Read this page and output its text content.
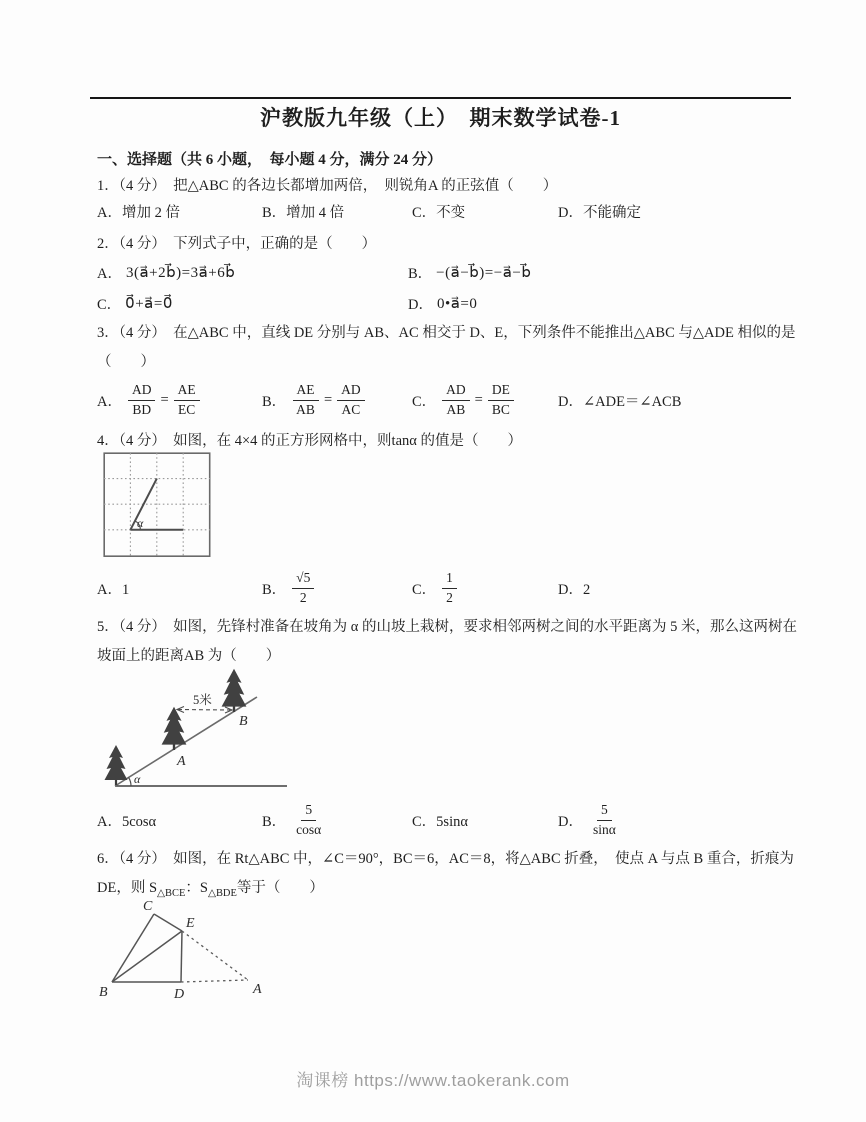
沪教版九年级（上）　期末数学试卷-1
一、选择题（共 6 小题，　每小题 4 分，满分 24 分）
1．（4 分）　把△ABC 的各边长都增加两倍，　则锐角A 的正弦值（　　）
A．增加 2 倍	B．增加 4 倍	C．不变	D．不能确定
2．（4 分）　下列式子中，正确的是（　　）
A． 3(a⃗+2b⃗)=3a⃗+6b⃗	B． −(a⃗−b⃗)=−a⃗−b⃗
C． 0⃗+a⃗=0⃗	D． 0•a⃗=0
3．（4 分）　在△ABC 中，直线 DE 分别与 AB、AC 相交于 D、E，下列条件不能推出△ABC 与△ADE 相似的是（　　）
A． $\frac{AD}{BD} = \frac{AE}{EC}$	B． $\frac{AE}{AB} = \frac{AD}{AC}$	C． $\frac{AD}{AB} = \frac{DE}{BC}$	D．∠ADE＝∠ACB
4．（4 分）　如图，在 4×4 的正方形网格中，则tanα 的值是（　　）
α
A．1	B． $\frac{√5}{2}$	C． $\frac{1}{2}$	D．2
5．（4 分）　如图，先锋村准备在坡角为 α 的山坡上栽树，要求相邻两树之间的水平距离为 5 米，那么这两树在坡面上的距离AB 为（　　）
5米
A
B
α
A．5cosα	B． $\frac{5}{\cos\alpha}$	C．5sinα	D． $\frac{5}{\sin\alpha}$
6．（4 分）　如图，在 Rt△ABC 中，∠C＝90°，BC＝6，AC＝8，将△ABC 折叠，　使点 A 与点 B 重合，折痕为 DE，则 $S_{\triangle BCE}$：$S_{\triangle BDE}$等于（　　）
B
C
E
D	A
淘课榜 https://www.taokerank.com
